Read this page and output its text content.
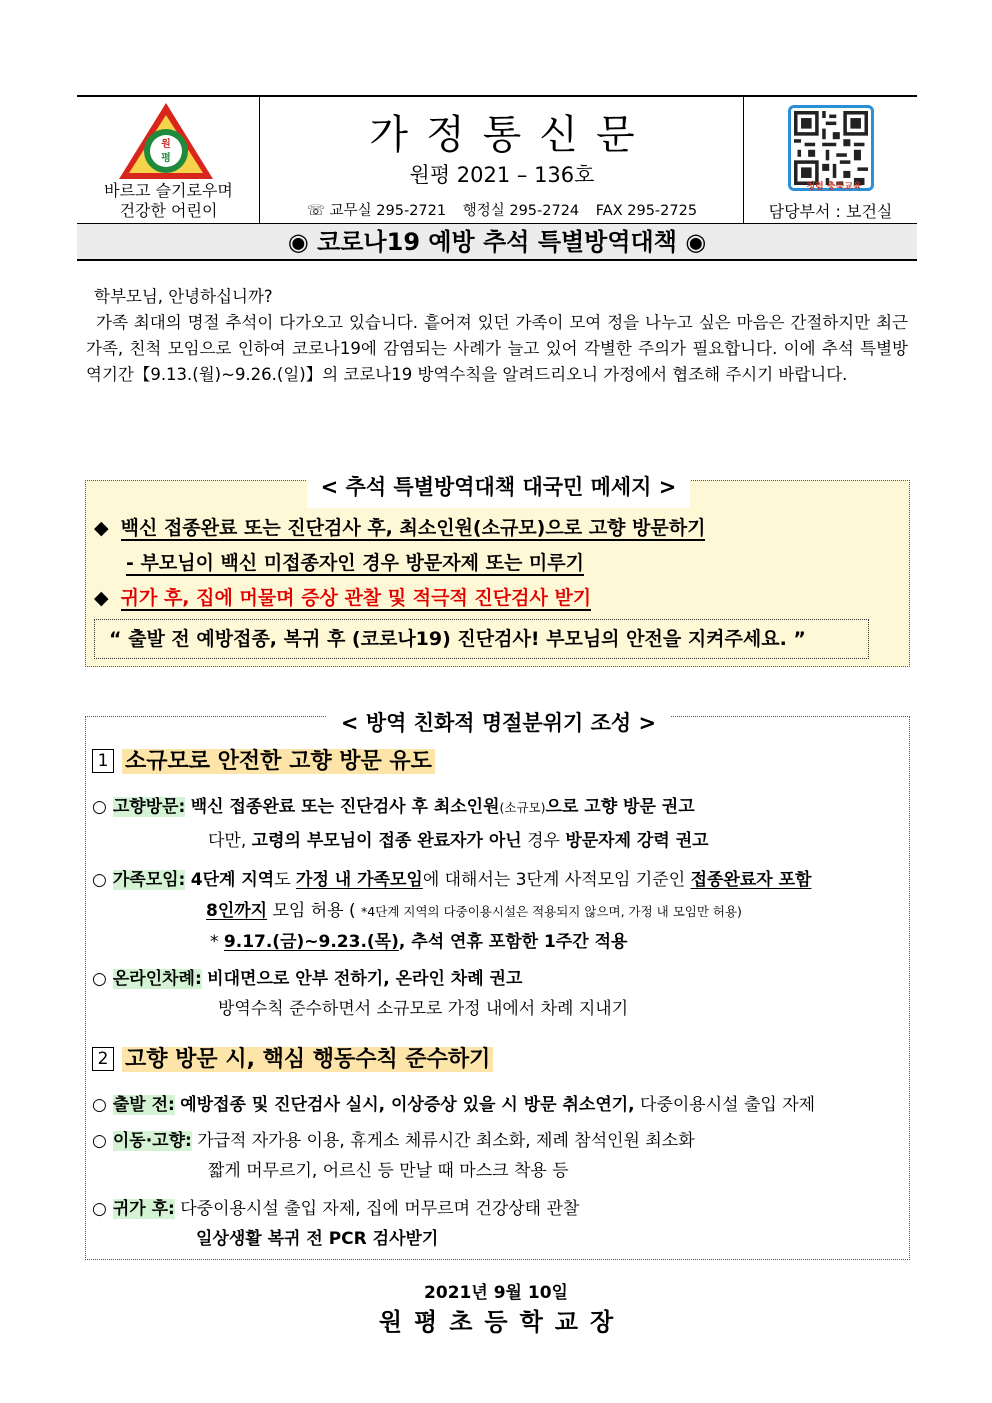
원
평
바르고 슬기로우며
건강한 어린이
가정통신문
원평 2021 – 136호
☏ 교무실 295-2721 행정실 295-2724 FAX 295-2725
청렴 충북교육
담당부서 : 보건실
◉ 코로나19 예방 추석 특별방역대책 ◉

학부모님, 안녕하십니까?

가족 최대의 명절 추석이 다가오고 있습니다. 흩어져 있던 가족이 모여 정을 나누고 싶은 마음은 간절하지만 최근 가족, 친척 모임으로 인하여 코로나19에 감염되는 사례가 늘고 있어 각별한 주의가 필요합니다. 이에 추석 특별방역기간【9.13.(월)~9.26.(일)】의 코로나19 방역수칙을 알려드리오니 가정에서 협조해 주시기 바랍니다.

< 추석 특별방역대책 대국민 메세지 >
◆ 백신 접종완료 또는 진단검사 후, 최소인원(소규모)으로 고향 방문하기
- 부모님이 백신 미접종자인 경우 방문자제 또는 미루기
◆ 귀가 후, 집에 머물며 증상 관찰 및 적극적 진단검사 받기
“ 출발 전 예방접종, 복귀 후 (코로나19) 진단검사! 부모님의 안전을 지켜주세요. ”
< 방역 친화적 명절분위기 조성 >
1 소규모로 안전한 고향 방문 유도
○ 고향방문: 백신 접종완료 또는 진단검사 후 최소인원(소규모)으로 고향 방문 권고
다만, 고령의 부모님이 접종 완료자가 아닌 경우 방문자제 강력 권고
○ 가족모임: 4단계 지역도 가정 내 가족모임에 대해서는 3단계 사적모임 기준인 접종완료자 포함
8인까지 모임 허용 ( *4단계 지역의 다중이용시설은 적용되지 않으며, 가정 내 모임만 허용)
* 9.17.(금)~9.23.(목), 추석 연휴 포함한 1주간 적용
○ 온라인차례: 비대면으로 안부 전하기, 온라인 차례 권고
방역수칙 준수하면서 소규모로 가정 내에서 차례 지내기
2 고향 방문 시, 핵심 행동수칙 준수하기
○ 출발 전: 예방접종 및 진단검사 실시, 이상증상 있을 시 방문 취소연기, 다중이용시설 출입 자제
○ 이동·고향: 가급적 자가용 이용, 휴게소 체류시간 최소화, 제례 참석인원 최소화
짧게 머무르기, 어르신 등 만날 때 마스크 착용 등
○ 귀가 후: 다중이용시설 출입 자제, 집에 머무르며 건강상태 관찰
일상생활 복귀 전 PCR 검사받기
2021년 9월 10일
원평초등학교장
